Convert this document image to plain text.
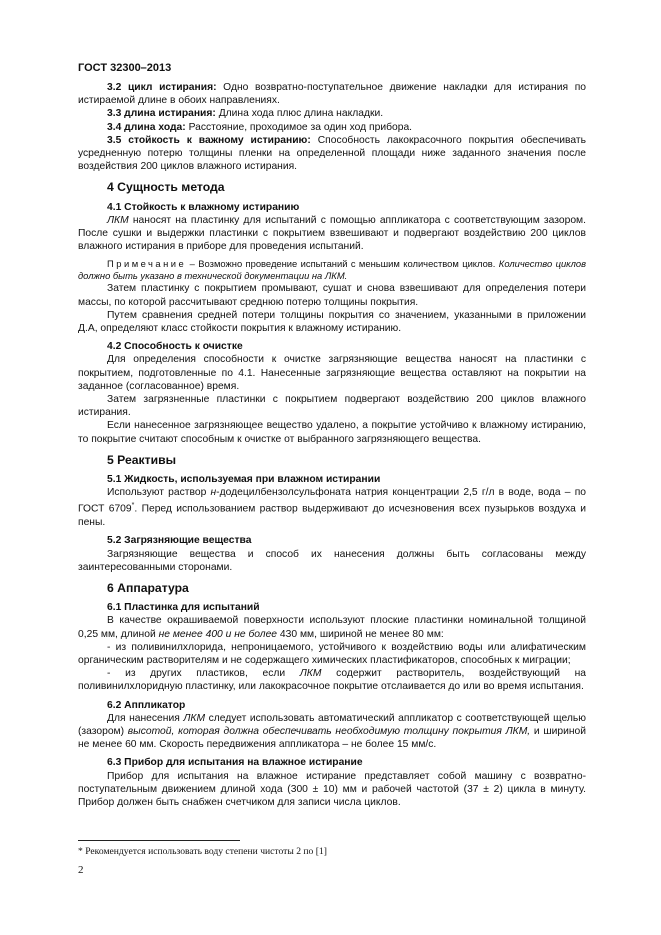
ГОСТ 32300–2013

3.2 цикл истирания: Одно возвратно-поступательное движение накладки для истирания по истираемой длине в обоих направлениях.

3.3 длина истирания: Длина хода плюс длина накладки.

3.4 длина хода: Расстояние, проходимое за один ход прибора.

3.5 стойкость к важному истиранию: Способность лакокрасочного покрытия обеспечивать усредненную потерю толщины пленки на определенной площади ниже заданного значения после воздействия 200 циклов влажного истирания.

4 Сущность метода
4.1 Стойкость к влажному истиранию

ЛКМ наносят на пластинку для испытаний с помощью аппликатора с соответствующим зазором. После сушки и выдержки пластинки с покрытием взвешивают и подвергают воздействию 200 циклов влажного истирания в приборе для проведения испытаний.

Примечание – Возможно проведение испытаний с меньшим количеством циклов. Количество циклов должно быть указано в технической документации на ЛКМ.

Затем пластинку с покрытием промывают, сушат и снова взвешивают для определения потери массы, по которой рассчитывают среднюю потерю толщины покрытия.

Путем сравнения средней потери толщины покрытия со значением, указанными в приложении Д.А, определяют класс стойкости покрытия к влажному истиранию.

4.2 Способность к очистке

Для определения способности к очистке загрязняющие вещества наносят на пластинки с покрытием, подготовленные по 4.1. Нанесенные загрязняющие вещества оставляют на покрытии на заданное (согласованное) время.

Затем загрязненные пластинки с покрытием подвергают воздействию 200 циклов влажного истирания.

Если нанесенное загрязняющее вещество удалено, а покрытие устойчиво к влажному истиранию, то покрытие считают способным к очистке от выбранного загрязняющего вещества.

5 Реактивы
5.1 Жидкость, используемая при влажном истирании

Используют раствор н-додецилбензолсульфоната натрия концентрации 2,5 г/л в воде, вода – по ГОСТ 6709*. Перед использованием раствор выдерживают до исчезновения всех пузырьков воздуха и пены.

5.2 Загрязняющие вещества

Загрязняющие вещества и способ их нанесения должны быть согласованы между заинтересованными сторонами.

6 Аппаратура
6.1 Пластинка для испытаний

В качестве окрашиваемой поверхности используют плоские пластинки номинальной толщиной 0,25 мм, длиной не менее 400 и не более 430 мм, шириной не менее 80 мм:

- из поливинилхлорида, непроницаемого, устойчивого к воздействию воды или алифатическим органическим растворителям и не содержащего химических пластификаторов, способных к миграции;

- из других пластиков, если ЛКМ содержит растворитель, воздействующий на поливинилхлоридную пластинку, или лакокрасочное покрытие отслаивается до или во время испытания.

6.2 Аппликатор

Для нанесения ЛКМ следует использовать автоматический аппликатор с соответствующей щелью (зазором) высотой, которая должна обеспечивать необходимую толщину покрытия ЛКМ, и шириной не менее 60 мм. Скорость передвижения аппликатора – не более 15 мм/с.

6.3 Прибор для испытания на влажное истирание

Прибор для испытания на влажное истирание представляет собой машину с возвратно-поступательным движением длиной хода (300 ± 10) мм и рабочей частотой (37 ± 2) цикла в минуту. Прибор должен быть снабжен счетчиком для записи числа циклов.

* Рекомендуется использовать воду степени чистоты 2 по [1]
2
